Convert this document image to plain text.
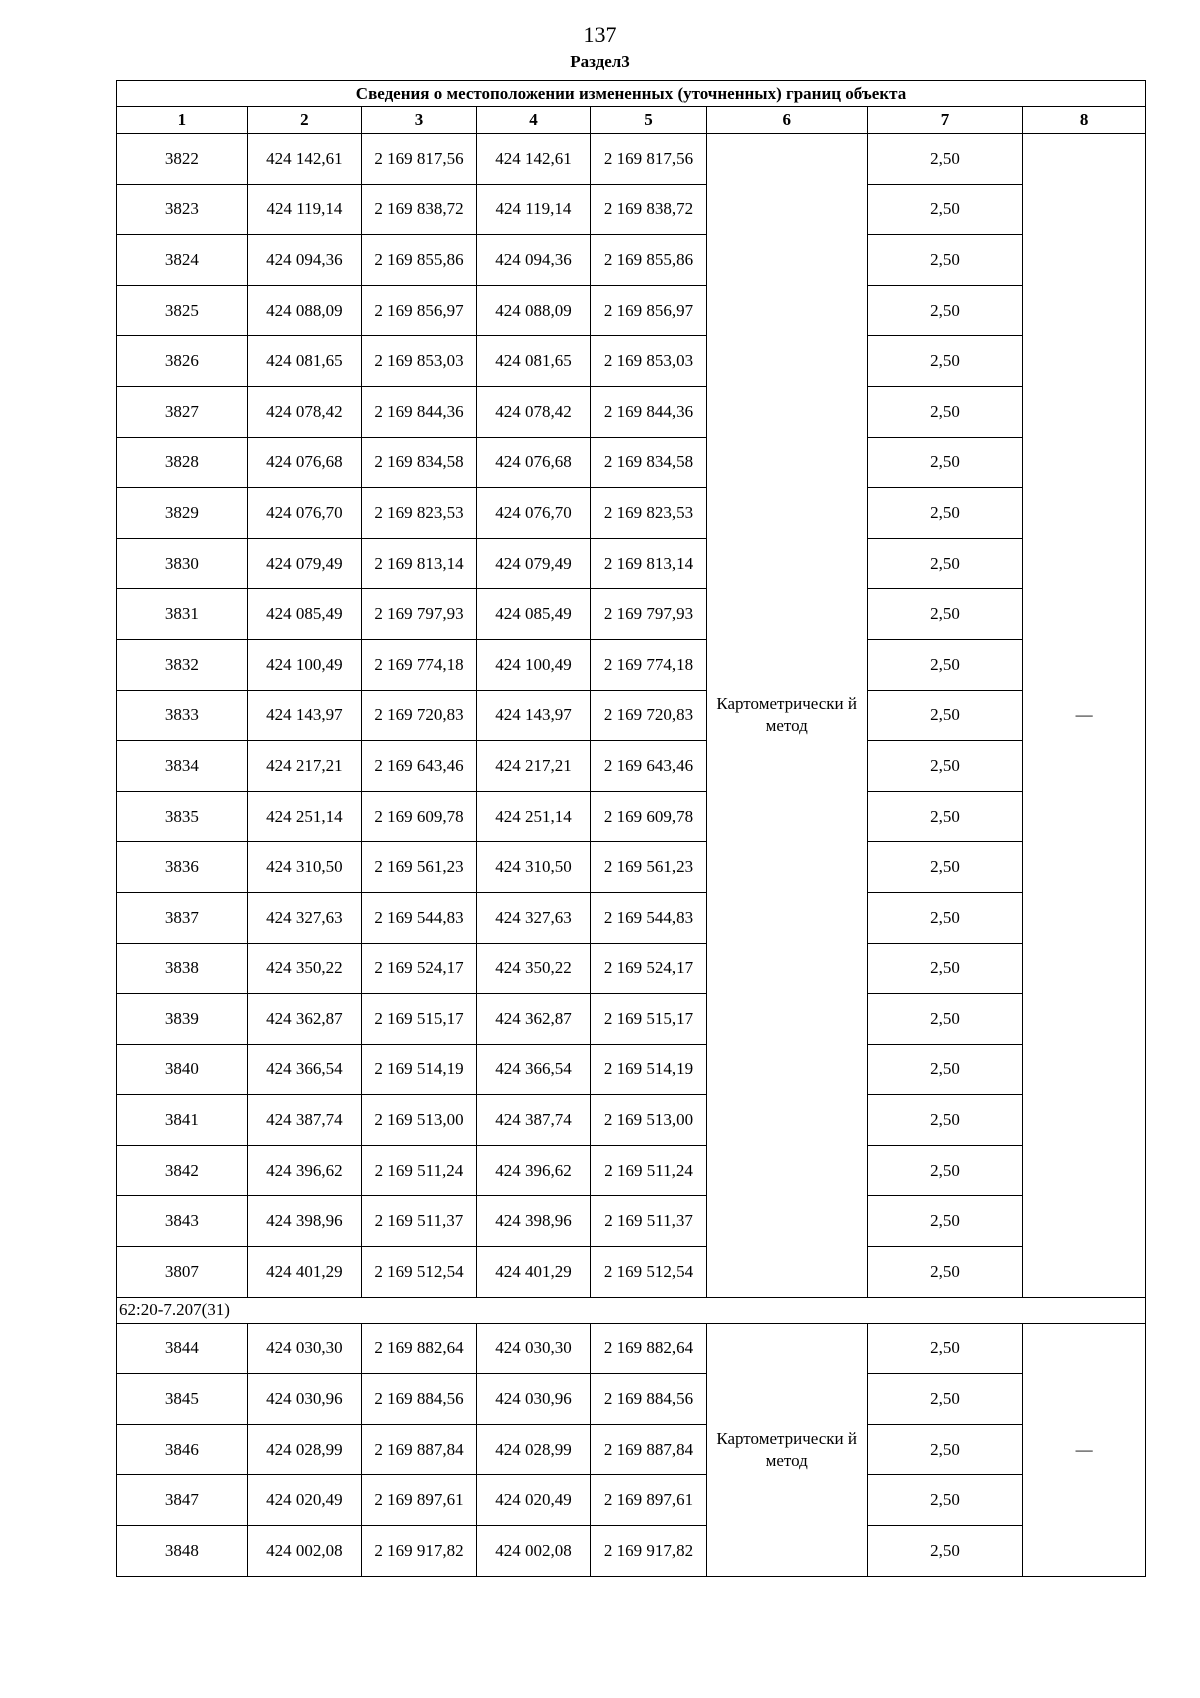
137
Раздел3
Сведения о местоположении измененных (уточненных) границ объекта							
1	2	3	4	5	6	7	8
3822	424 142,61	2 169 817,56	424 142,61	2 169 817,56	Картометрически й метод	2,50	—
3823	424 119,14	2 169 838,72	424 119,14	2 169 838,72		2,50	
3824	424 094,36	2 169 855,86	424 094,36	2 169 855,86		2,50	
3825	424 088,09	2 169 856,97	424 088,09	2 169 856,97		2,50	
3826	424 081,65	2 169 853,03	424 081,65	2 169 853,03		2,50	
3827	424 078,42	2 169 844,36	424 078,42	2 169 844,36		2,50	
3828	424 076,68	2 169 834,58	424 076,68	2 169 834,58		2,50	
3829	424 076,70	2 169 823,53	424 076,70	2 169 823,53		2,50	
3830	424 079,49	2 169 813,14	424 079,49	2 169 813,14		2,50	
3831	424 085,49	2 169 797,93	424 085,49	2 169 797,93		2,50	
3832	424 100,49	2 169 774,18	424 100,49	2 169 774,18		2,50	
3833	424 143,97	2 169 720,83	424 143,97	2 169 720,83		2,50	
3834	424 217,21	2 169 643,46	424 217,21	2 169 643,46		2,50	
3835	424 251,14	2 169 609,78	424 251,14	2 169 609,78		2,50	
3836	424 310,50	2 169 561,23	424 310,50	2 169 561,23		2,50	
3837	424 327,63	2 169 544,83	424 327,63	2 169 544,83		2,50	
3838	424 350,22	2 169 524,17	424 350,22	2 169 524,17		2,50	
3839	424 362,87	2 169 515,17	424 362,87	2 169 515,17		2,50	
3840	424 366,54	2 169 514,19	424 366,54	2 169 514,19		2,50	
3841	424 387,74	2 169 513,00	424 387,74	2 169 513,00		2,50	
3842	424 396,62	2 169 511,24	424 396,62	2 169 511,24		2,50	
3843	424 398,96	2 169 511,37	424 398,96	2 169 511,37		2,50	
3807	424 401,29	2 169 512,54	424 401,29	2 169 512,54		2,50	
62:20-7.207(31)							
3844	424 030,30	2 169 882,64	424 030,30	2 169 882,64	Картометрически й метод	2,50	—
3845	424 030,96	2 169 884,56	424 030,96	2 169 884,56		2,50	
3846	424 028,99	2 169 887,84	424 028,99	2 169 887,84		2,50	
3847	424 020,49	2 169 897,61	424 020,49	2 169 897,61		2,50	
3848	424 002,08	2 169 917,82	424 002,08	2 169 917,82		2,50	
